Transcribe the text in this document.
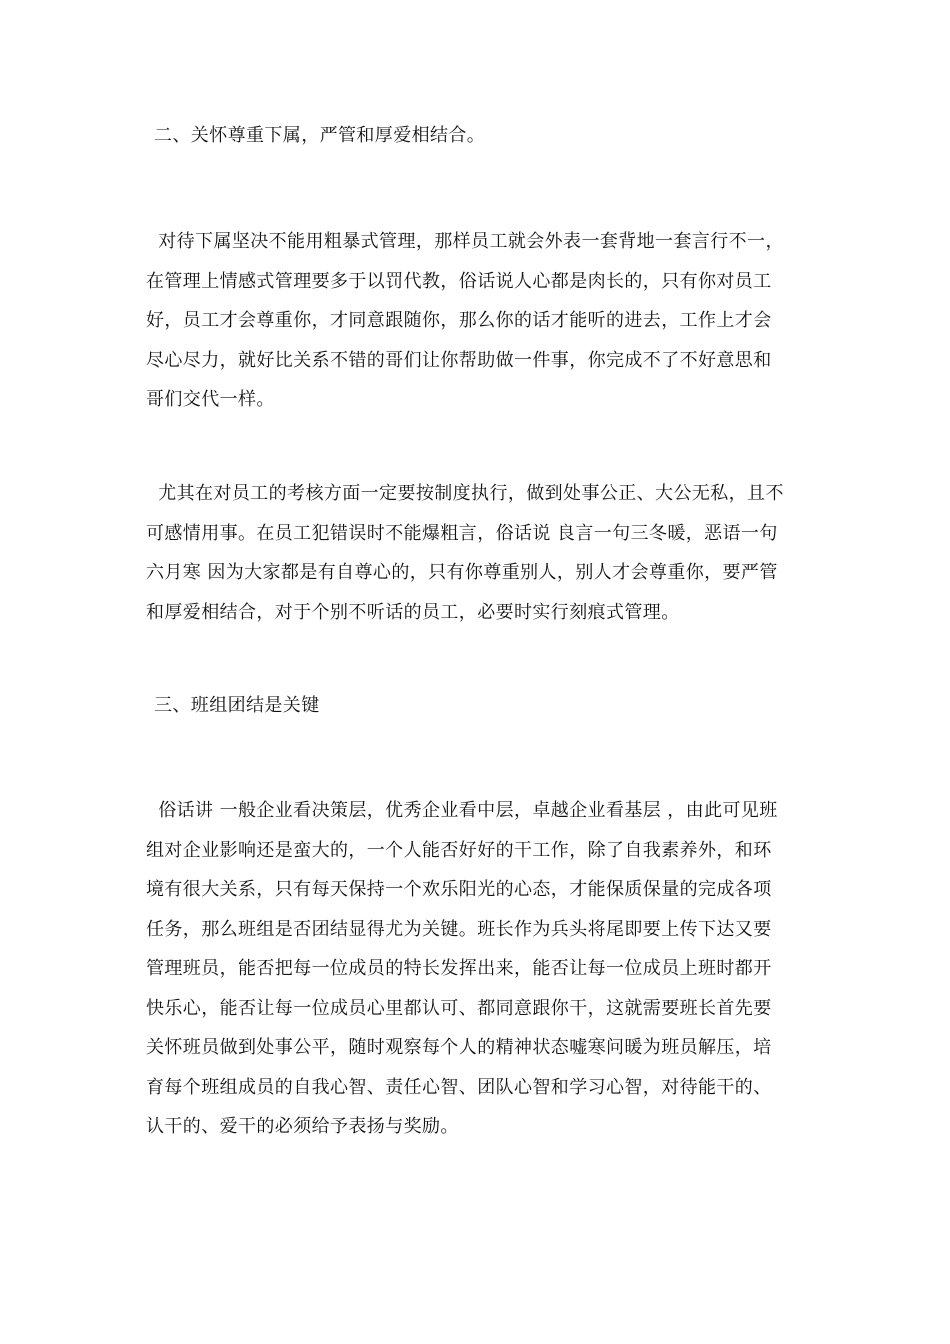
二、关怀尊重下属，严管和厚爱相结合。
对待下属坚决不能用粗暴式管理，那样员工就会外表一套背地一套言行不一，
在管理上情感式管理要多于以罚代教，俗话说人心都是肉长的，只有你对员工
好，员工才会尊重你，才同意跟随你，那么你的话才能听的进去，工作上才会
尽心尽力，就好比关系不错的哥们让你帮助做一件事，你完成不了不好意思和
哥们交代一样。
尤其在对员工的考核方面一定要按制度执行，做到处事公正、大公无私，且不
可感情用事。在员工犯错误时不能爆粗言，俗话说 良言一句三冬暖，恶语一句
六月寒 因为大家都是有自尊心的，只有你尊重别人，别人才会尊重你，要严管
和厚爱相结合，对于个别不听话的员工，必要时实行刻痕式管理。
三、班组团结是关键
俗话讲 一般企业看决策层，优秀企业看中层，卓越企业看基层 ，由此可见班
组对企业影响还是蛮大的，一个人能否好好的干工作，除了自我素养外，和环
境有很大关系，只有每天保持一个欢乐阳光的心态，才能保质保量的完成各项
任务，那么班组是否团结显得尤为关键。班长作为兵头将尾即要上传下达又要
管理班员，能否把每一位成员的特长发挥出来，能否让每一位成员上班时都开
快乐心，能否让每一位成员心里都认可、都同意跟你干，这就需要班长首先要
关怀班员做到处事公平，随时观察每个人的精神状态嘘寒问暖为班员解压，培
育每个班组成员的自我心智、责任心智、团队心智和学习心智，对待能干的、
认干的、爱干的必须给予表扬与奖励。
